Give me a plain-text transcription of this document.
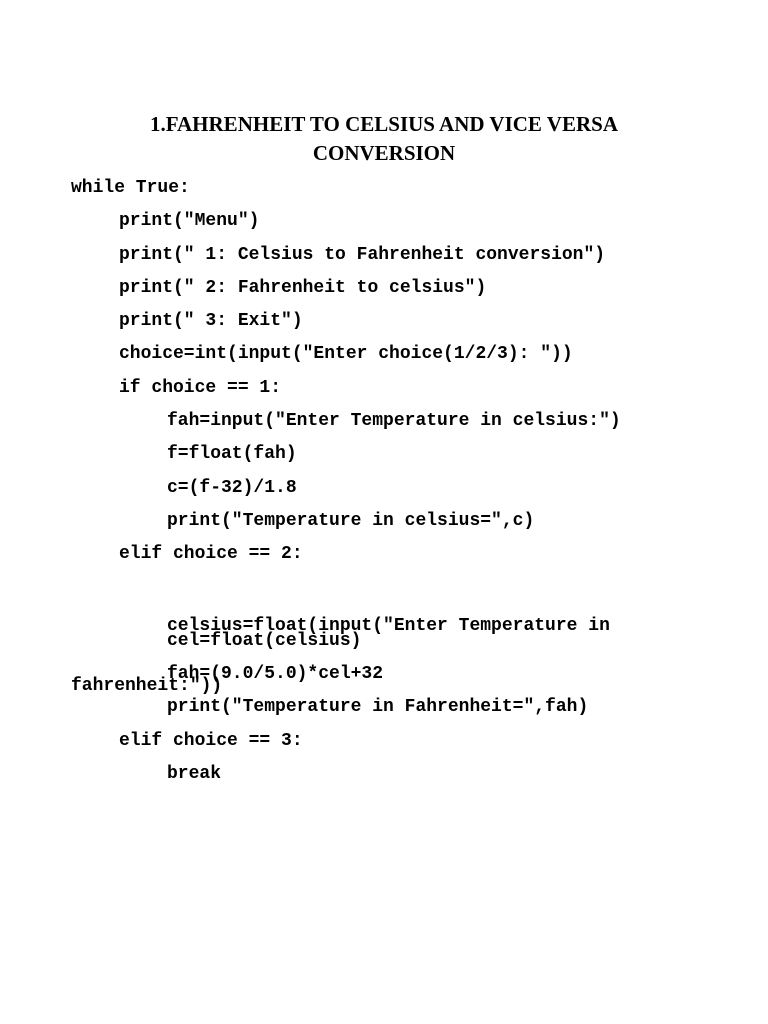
1.FAHRENHEIT TO CELSIUS AND VICE VERSA
CONVERSION
while True:
print("Menu")
print(" 1: Celsius to Fahrenheit conversion")
print(" 2: Fahrenheit to celsius")
print(" 3: Exit")
choice=int(input("Enter choice(1/2/3): "))
if choice == 1:
fah=input("Enter Temperature in celsius:")
f=float(fah)
c=(f-32)/1.8
print("Temperature in celsius=",c)
elif choice == 2:

celsius=float(input("Enter Temperature in

fahrenheit:"))

cel=float(celsius)
fah=(9.0/5.0)*cel+32
print("Temperature in Fahrenheit=",fah)
elif choice == 3:
break
